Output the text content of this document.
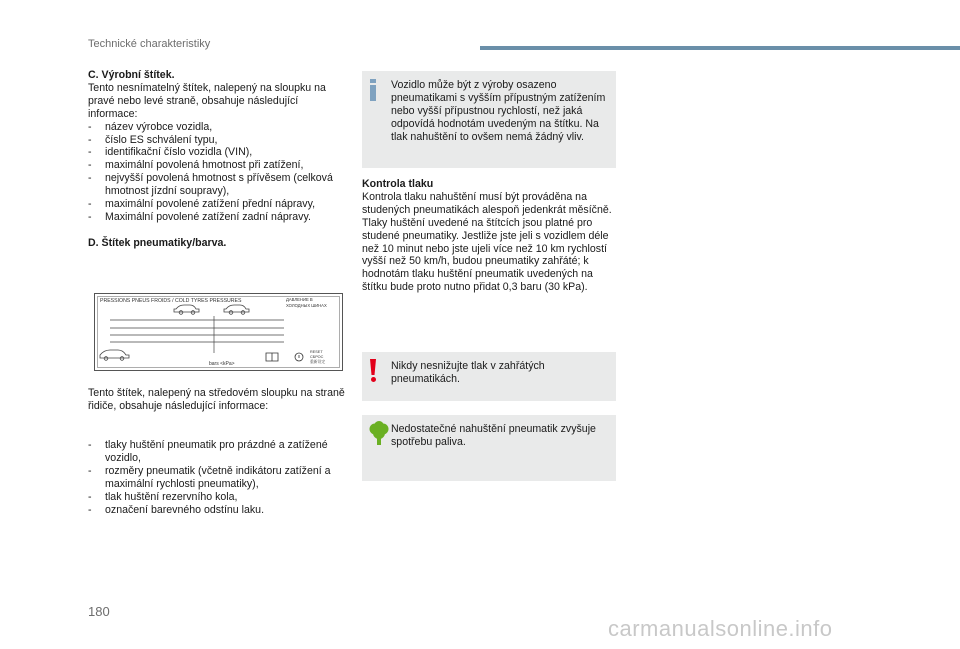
Technické charakteristiky

C. Výrobní štítek.

Tento nesnímatelný štítek, nalepený na sloupku na pravé nebo levé straně, obsahuje následující informace:

- název výrobce vozidla,
- číslo ES schválení typu,
- identifikační číslo vozidla (VIN),
- maximální povolená hmotnost při zatížení,
- nejvyšší povolená hmotnost s přívěsem (celková hmotnost jízdní soupravy),
- maximální povolené zatížení přední nápravy,
- Maximální povolené zatížení zadní nápravy.

D. Štítek pneumatiky/barva.

PRESSIONS PNEUS FROIDS / COLD TYRES PRESSURES	ДАВЛЕНИЕ В
ХОЛОДНЫХ ШИНАХ
bars <kPa>
RESET
СБРОС
重新设定
Tento štítek, nalepený na středovém sloupku na straně řidiče, obsahuje následující informace:
- tlaky huštění pneumatik pro prázdné a zatížené vozidlo,
- rozměry pneumatik (včetně indikátoru zatížení a maximální rychlosti pneumatiky),
- tlak huštění rezervního kola,
- označení barevného odstínu laku.
Vozidlo může být z výroby osazeno pneumatikami s vyšším přípustným zatížením nebo vyšší přípustnou rychlostí, než jaká odpovídá hodnotám uvedeným na štítku. Na tlak nahuštění to ovšem nemá žádný vliv.

Kontrola tlaku

Kontrola tlaku nahuštění musí být prováděna na studených pneumatikách alespoň jedenkrát měsíčně.

Tlaky huštění uvedené na štítcích jsou platné pro studené pneumatiky. Jestliže jste jeli s vozidlem déle než 10 minut nebo jste ujeli více než 10 km rychlostí vyšší než 50 km/h, budou pneumatiky zahřáté; k hodnotám tlaku huštění pneumatik uvedených na štítku bude proto nutno přidat 0,3 baru (30 kPa).

Nikdy nesnižujte tlak v zahřátých pneumatikách.
Nedostatečné nahuštění pneumatik zvyšuje spotřebu paliva.
180
carmanualsonline.info
